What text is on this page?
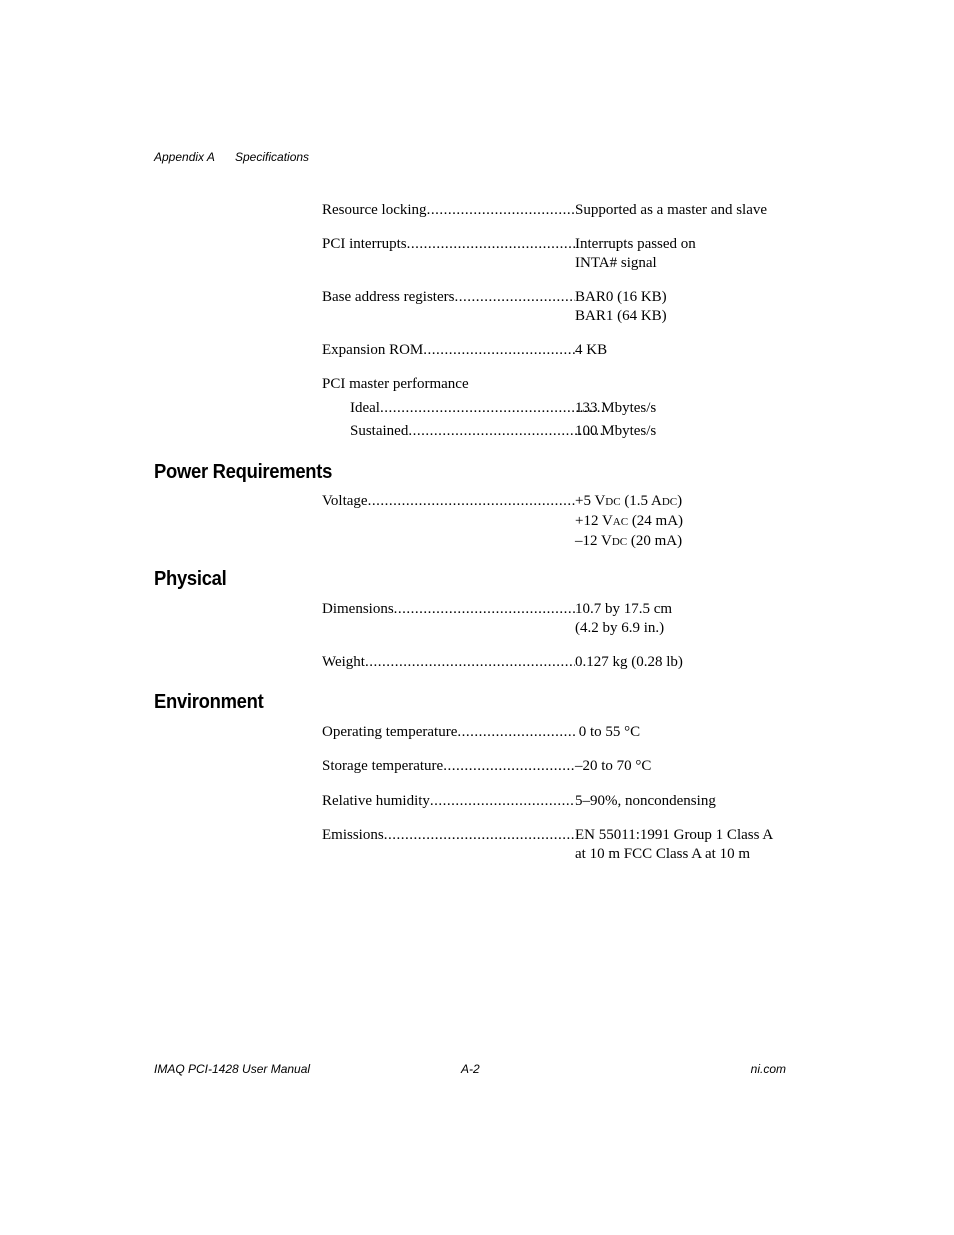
Appendix A Specifications
Resource locking .....	Supported as a master and slave
PCI interrupts .....	Interrupts passed on
INTA# signal
Base address registers .....	BAR0 (16 KB)
BAR1 (64 KB)
Expansion ROM .....	4 KB
PCI master performance
Ideal .....	133 Mbytes/s
Sustained .....	100 Mbytes/s
Power Requirements
Voltage .....	+5 VDC (1.5 ADC)
+12 VAC (24 mA)
–12 VDC (20 mA)
Physical
Dimensions .....	10.7 by 17.5 cm
(4.2 by 6.9 in.)
Weight .....	0.127 kg (0.28 lb)
Environment
Operating temperature .....	0 to 55 °C
Storage temperature .....	–20 to 70 °C
Relative humidity .....	5–90%, noncondensing
Emissions .....	EN 55011:1991 Group 1 Class A
at 10 m FCC Class A at 10 m
IMAQ PCI-1428 User Manual	A-2	ni.com
